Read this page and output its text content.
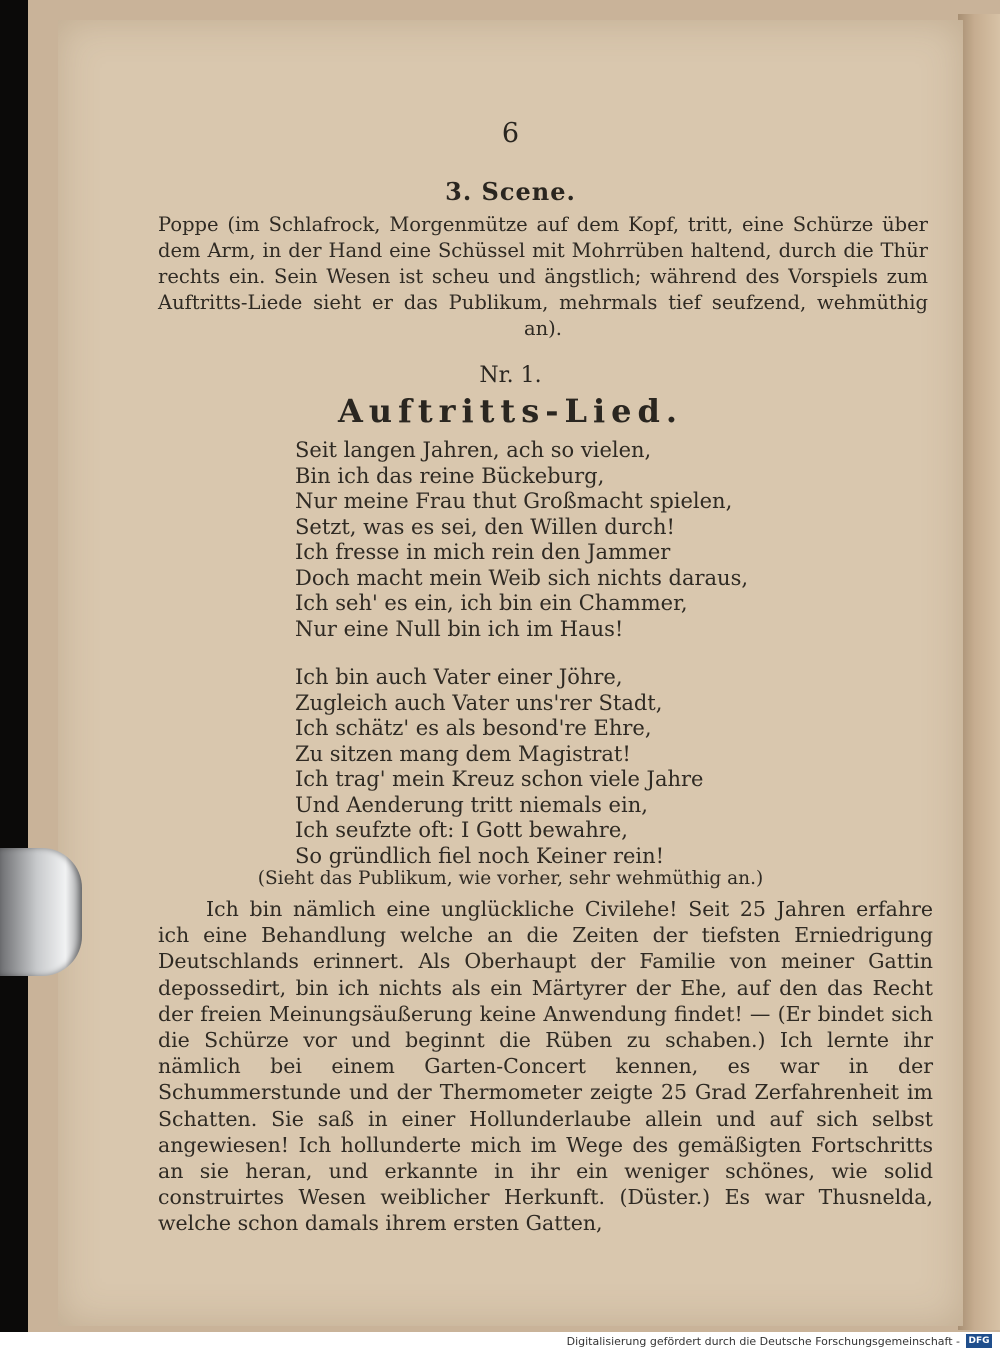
6
3. Scene.
Poppe (im Schlafrock, Morgenmütze auf dem Kopf, tritt, eine Schürze über dem Arm, in der Hand eine Schüssel mit Mohrrüben haltend, durch die Thür rechts ein. Sein Wesen ist scheu und ängstlich; während des Vorspiels zum Auftritts-Liede sieht er das Publikum, mehrmals tief seufzend, wehmüthig an).
Nr. 1.
Auftritts-Lied.
Seit langen Jahren, ach so vielen,
Bin ich das reine Bückeburg,
Nur meine Frau thut Großmacht spielen,
Setzt, was es sei, den Willen durch!
Ich fresse in mich rein den Jammer
Doch macht mein Weib sich nichts daraus,
Ich seh' es ein, ich bin ein Chammer,
Nur eine Null bin ich im Haus!
Ich bin auch Vater einer Jöhre,
Zugleich auch Vater uns'rer Stadt,
Ich schätz' es als besond're Ehre,
Zu sitzen mang dem Magistrat!
Ich trag' mein Kreuz schon viele Jahre
Und Aenderung tritt niemals ein,
Ich seufzte oft: I Gott bewahre,
So gründlich fiel noch Keiner rein!
(Sieht das Publikum, wie vorher, sehr wehmüthig an.)
Ich bin nämlich eine unglückliche Civilehe! Seit 25 Jahren erfahre ich eine Behandlung welche an die Zeiten der tiefsten Erniedrigung Deutschlands erinnert. Als Oberhaupt der Familie von meiner Gattin depossedirt, bin ich nichts als ein Märtyrer der Ehe, auf den das Recht der freien Meinungsäußerung keine Anwendung findet! — (Er bindet sich die Schürze vor und beginnt die Rüben zu schaben.) Ich lernte ihr nämlich bei einem Garten-Concert kennen, es war in der Schummerstunde und der Thermometer zeigte 25 Grad Zerfahrenheit im Schatten. Sie saß in einer Hollunderlaube allein und auf sich selbst angewiesen! Ich hollunderte mich im Wege des gemäßigten Fortschritts an sie heran, und erkannte in ihr ein weniger schönes, wie solid construirtes Wesen weiblicher Herkunft. (Düster.) Es war Thusnelda, welche schon damals ihrem ersten Gatten,
Digitalisierung gefördert durch die Deutsche Forschungsgemeinschaft - DFG
